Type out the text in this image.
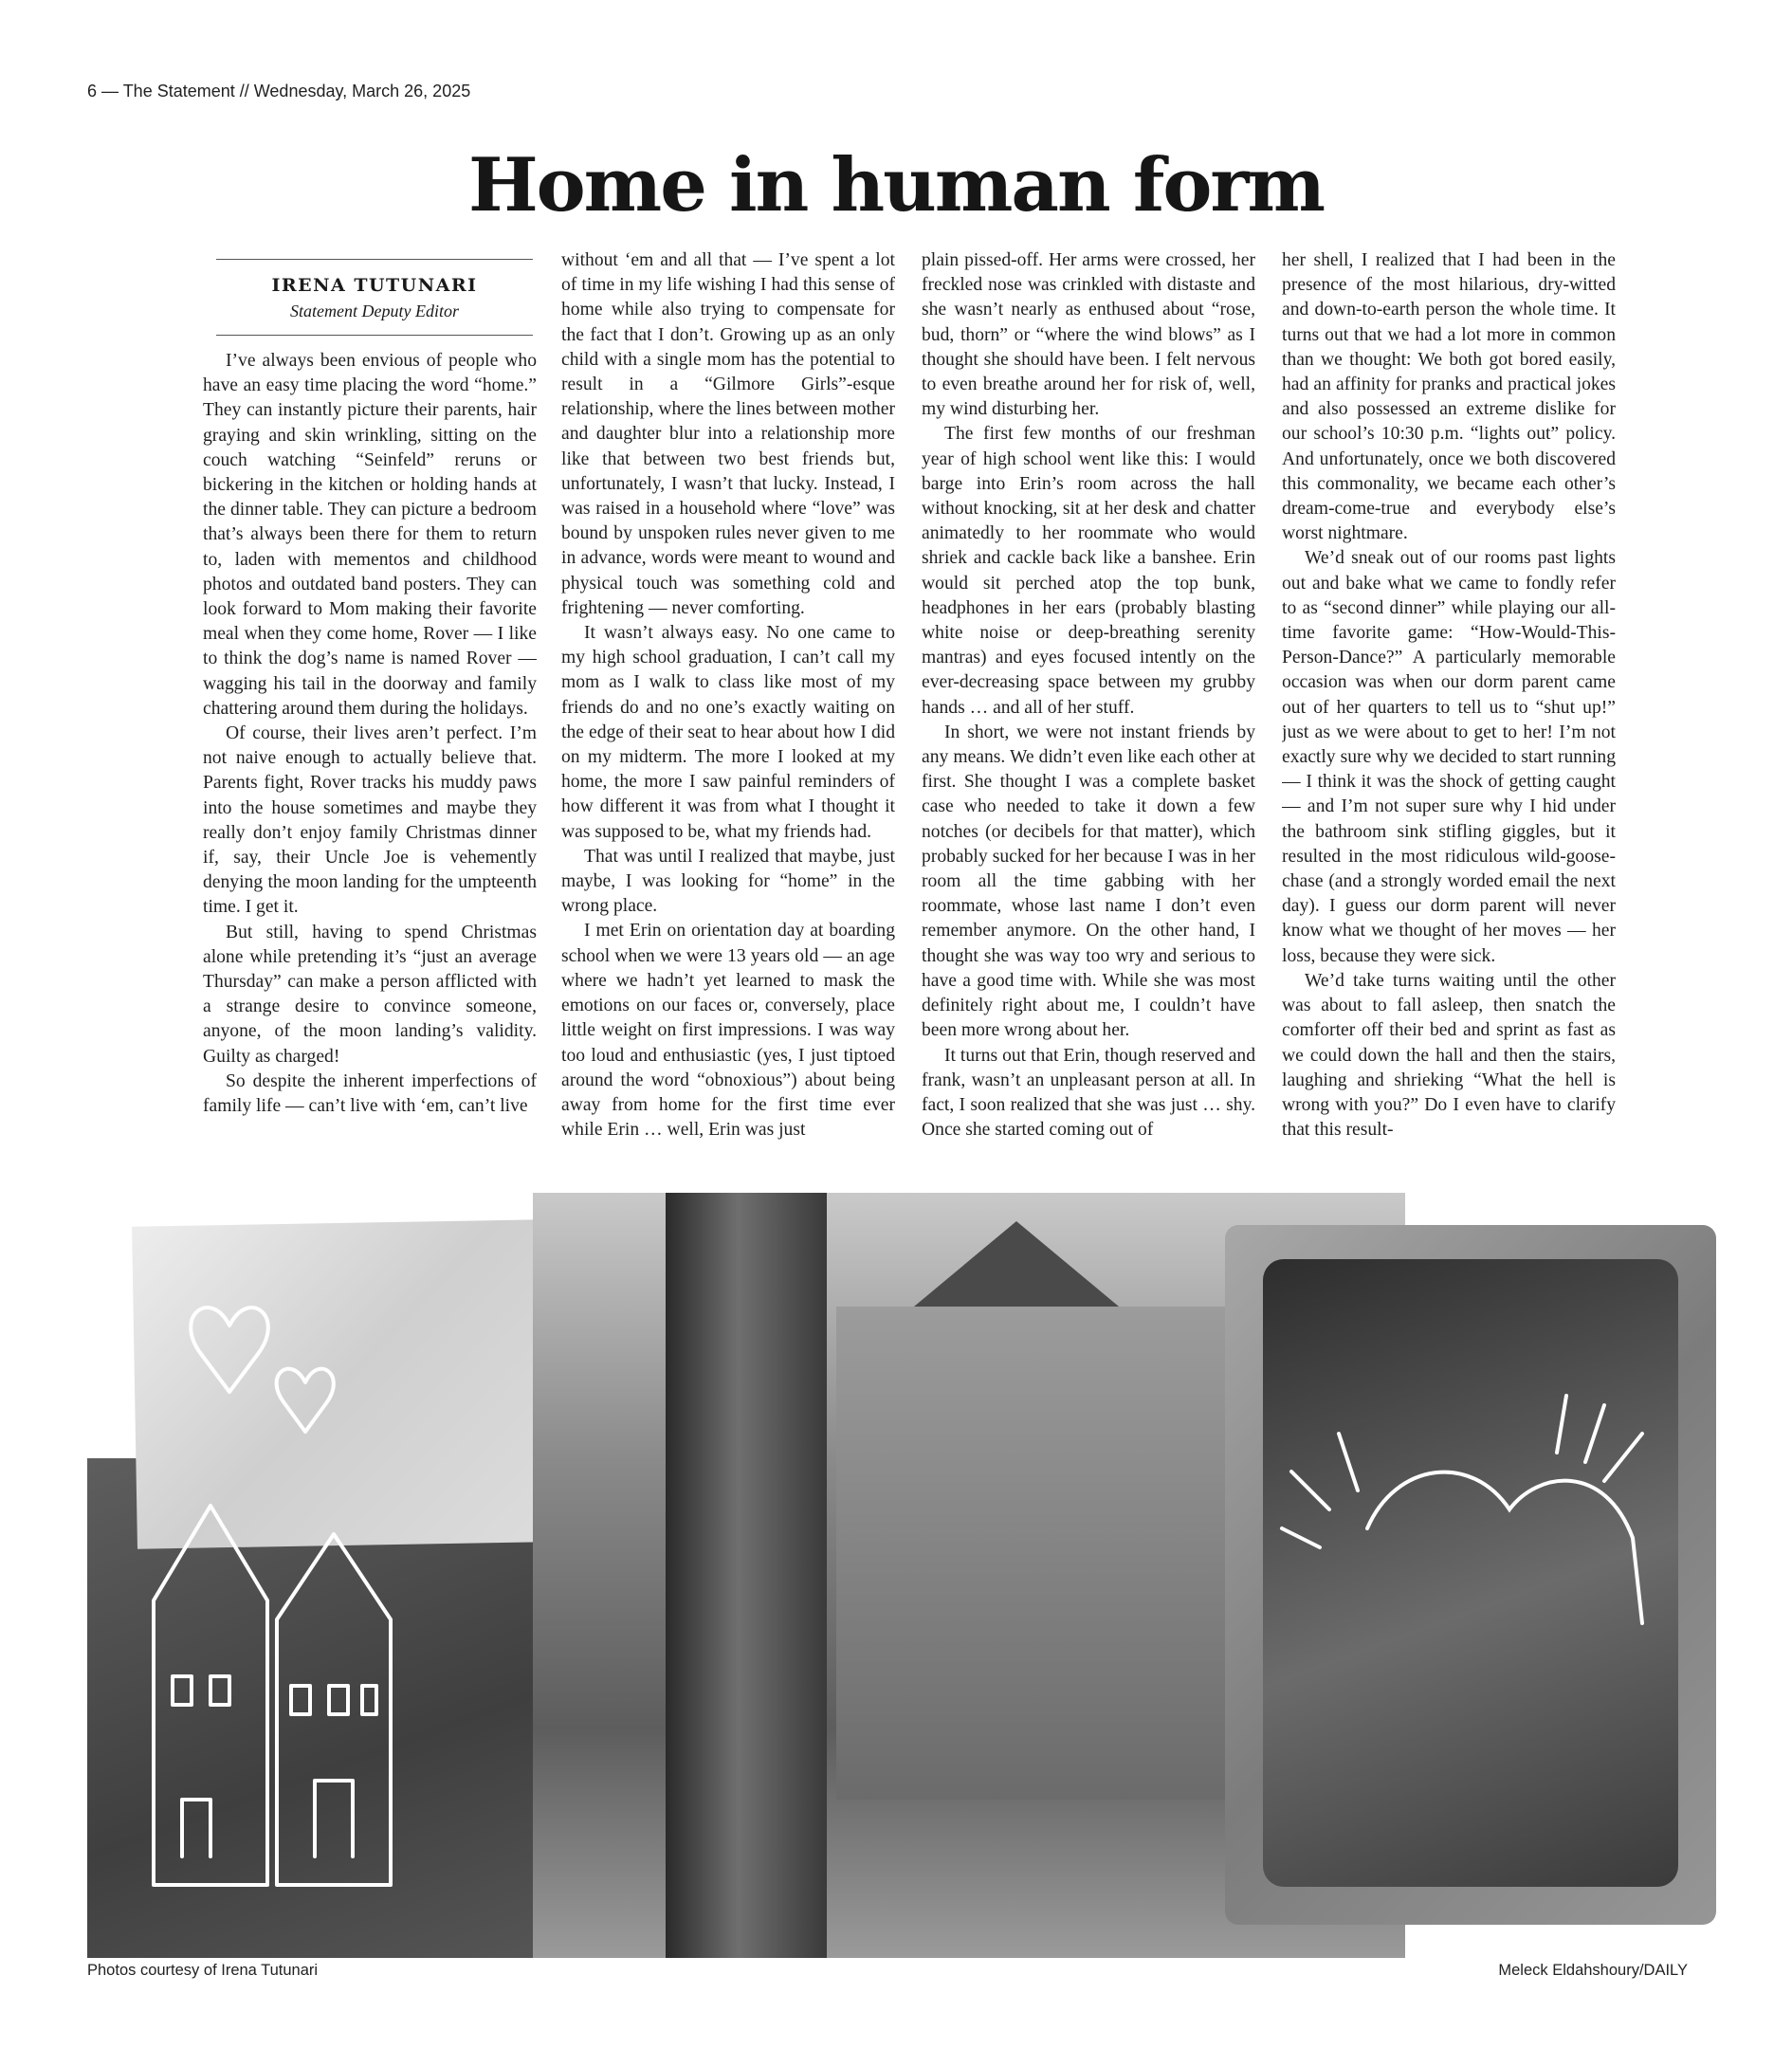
6 — The Statement // Wednesday, March 26, 2025
Home in human form
IRENA TUTUNARI
Statement Deputy Editor

I’ve always been envious of people who have an easy time placing the word “home.” They can instantly picture their parents, hair graying and skin wrinkling, sitting on the couch watching “Seinfeld” reruns or bickering in the kitchen or holding hands at the dinner table. They can picture a bedroom that’s always been there for them to return to, laden with mementos and childhood photos and outdated band posters. They can look forward to Mom making their favorite meal when they come home, Rover — I like to think the dog’s name is named Rover — wagging his tail in the doorway and family chattering around them during the holidays.

Of course, their lives aren’t perfect. I’m not naive enough to actually believe that. Parents fight, Rover tracks his muddy paws into the house sometimes and maybe they really don’t enjoy family Christmas dinner if, say, their Uncle Joe is vehemently denying the moon landing for the umpteenth time. I get it.

But still, having to spend Christmas alone while pretending it’s “just an average Thursday” can make a person afflicted with a strange desire to convince someone, anyone, of the moon landing’s validity. Guilty as charged!

So despite the inherent imperfections of family life — can’t live with ‘em, can’t live

without ‘em and all that — I’ve spent a lot of time in my life wishing I had this sense of home while also trying to compensate for the fact that I don’t. Growing up as an only child with a single mom has the potential to result in a “Gilmore Girls”-esque relationship, where the lines between mother and daughter blur into a relationship more like that between two best friends but, unfortunately, I wasn’t that lucky. Instead, I was raised in a household where “love” was bound by unspoken rules never given to me in advance, words were meant to wound and physical touch was something cold and frightening — never comforting.

It wasn’t always easy. No one came to my high school graduation, I can’t call my mom as I walk to class like most of my friends do and no one’s exactly waiting on the edge of their seat to hear about how I did on my midterm. The more I looked at my home, the more I saw painful reminders of how different it was from what I thought it was supposed to be, what my friends had.

That was until I realized that maybe, just maybe, I was looking for “home” in the wrong place.

I met Erin on orientation day at boarding school when we were 13 years old — an age where we hadn’t yet learned to mask the emotions on our faces or, conversely, place little weight on first impressions. I was way too loud and enthusiastic (yes, I just tiptoed around the word “obnoxious”) about being away from home for the first time ever while Erin … well, Erin was just

plain pissed-off. Her arms were crossed, her freckled nose was crinkled with distaste and she wasn’t nearly as enthused about “rose, bud, thorn” or “where the wind blows” as I thought she should have been. I felt nervous to even breathe around her for risk of, well, my wind disturbing her.

The first few months of our freshman year of high school went like this: I would barge into Erin’s room across the hall without knocking, sit at her desk and chatter animatedly to her roommate who would shriek and cackle back like a banshee. Erin would sit perched atop the top bunk, headphones in her ears (probably blasting white noise or deep-breathing serenity mantras) and eyes focused intently on the ever-decreasing space between my grubby hands … and all of her stuff.

In short, we were not instant friends by any means. We didn’t even like each other at first. She thought I was a complete basket case who needed to take it down a few notches (or decibels for that matter), which probably sucked for her because I was in her room all the time gabbing with her roommate, whose last name I don’t even remember anymore. On the other hand, I thought she was way too wry and serious to have a good time with. While she was most definitely right about me, I couldn’t have been more wrong about her.

It turns out that Erin, though reserved and frank, wasn’t an unpleasant person at all. In fact, I soon realized that she was just … shy. Once she started coming out of

her shell, I realized that I had been in the presence of the most hilarious, dry-witted and down-to-earth person the whole time. It turns out that we had a lot more in common than we thought: We both got bored easily, had an affinity for pranks and practical jokes and also possessed an extreme dislike for our school’s 10:30 p.m. “lights out” policy. And unfortunately, once we both discovered this commonality, we became each other’s dream-come-true and everybody else’s worst nightmare.

We’d sneak out of our rooms past lights out and bake what we came to fondly refer to as “second dinner” while playing our all-time favorite game: “How-Would-This-Person-Dance?” A particularly memorable occasion was when our dorm parent came out of her quarters to tell us to “shut up!” just as we were about to get to her! I’m not exactly sure why we decided to start running — I think it was the shock of getting caught — and I’m not super sure why I hid under the bathroom sink stifling giggles, but it resulted in the most ridiculous wild-goose-chase (and a strongly worded email the next day). I guess our dorm parent will never know what we thought of her moves — her loss, because they were sick.

We’d take turns waiting until the other was about to fall asleep, then snatch the comforter off their bed and sprint as fast as we could down the hall and then the stairs, laughing and shrieking “What the hell is wrong with you?” Do I even have to clarify that this result-

Photos courtesy of Irena Tutunari	Meleck Eldahshoury/DAILY
